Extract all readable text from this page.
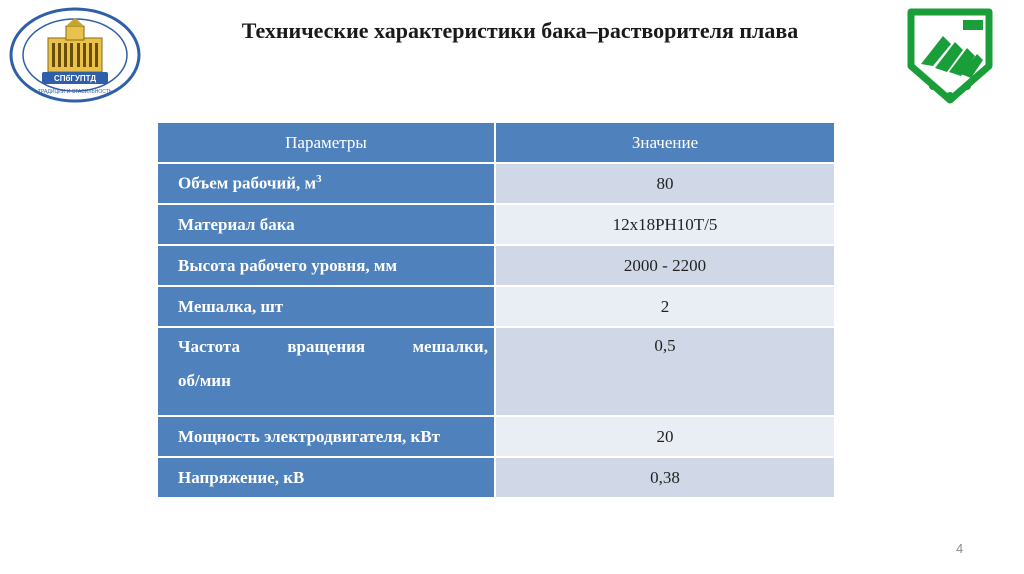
СПбГУПТД
ТРАДИЦИИ И СТАБИЛЬНОСТЬ
Технические характеристики бака–растворителя плава
Параметры	Значение
Объем рабочий, $м^3$	80
Материал бака	12х18РН10Т/5
Высота рабочего уровня, мм	2000 - 2200
Мешалка, шт	2

Частота вращения мешалки,
об/мин	0,5
Мощность электродвигателя, кВт	20
Напряжение, кВ	0,38
4
